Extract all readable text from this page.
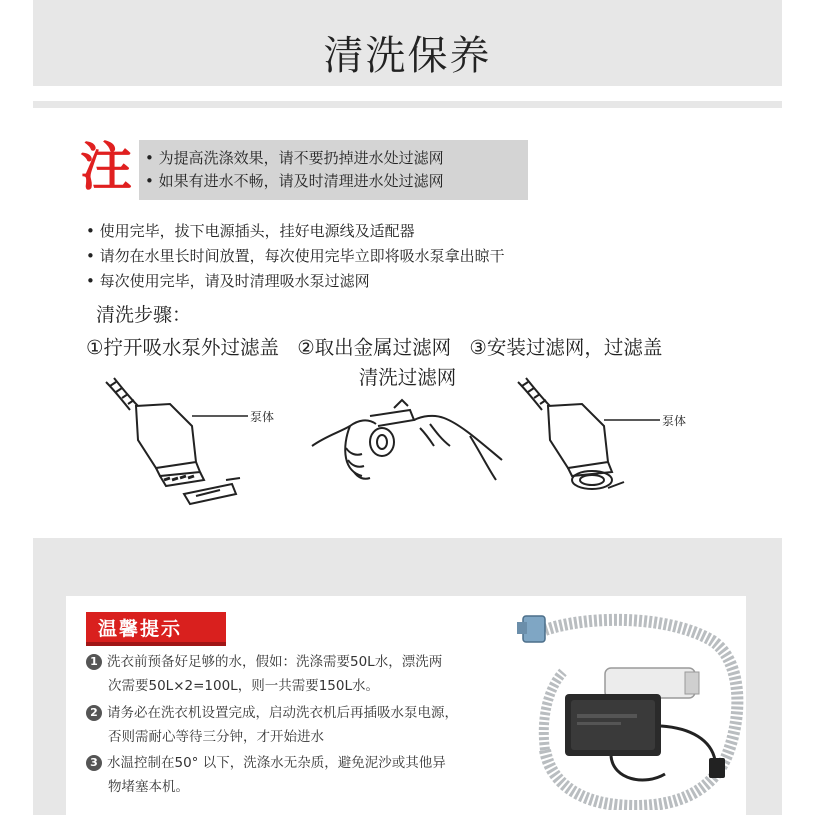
清洗保养
注 • 为提高洗涤效果，请不要扔掉进水处过滤网
• 如果有进水不畅，请及时清理进水处过滤网
• 使用完毕，拔下电源插头，挂好电源线及适配器
• 请勿在水里长时间放置，每次使用完毕立即将吸水泵拿出晾干
• 每次使用完毕，请及时清理吸水泵过滤网
清洗步骤：
①拧开吸水泵外过滤盖 ②取出金属过滤网 ③安装过滤网，过滤盖
清洗过滤网
泵体	泵体
温馨提示
1 洗衣前预备好足够的水，假如：洗涤需要50L水，漂洗两
次需要50L×2=100L，则一共需要150L水。
2 请务必在洗衣机设置完成，启动洗衣机后再插吸水泵电源，
否则需耐心等待三分钟，才开始进水
3 水温控制在50° 以下，洗涤水无杂质，避免泥沙或其他异
物堵塞本机。
